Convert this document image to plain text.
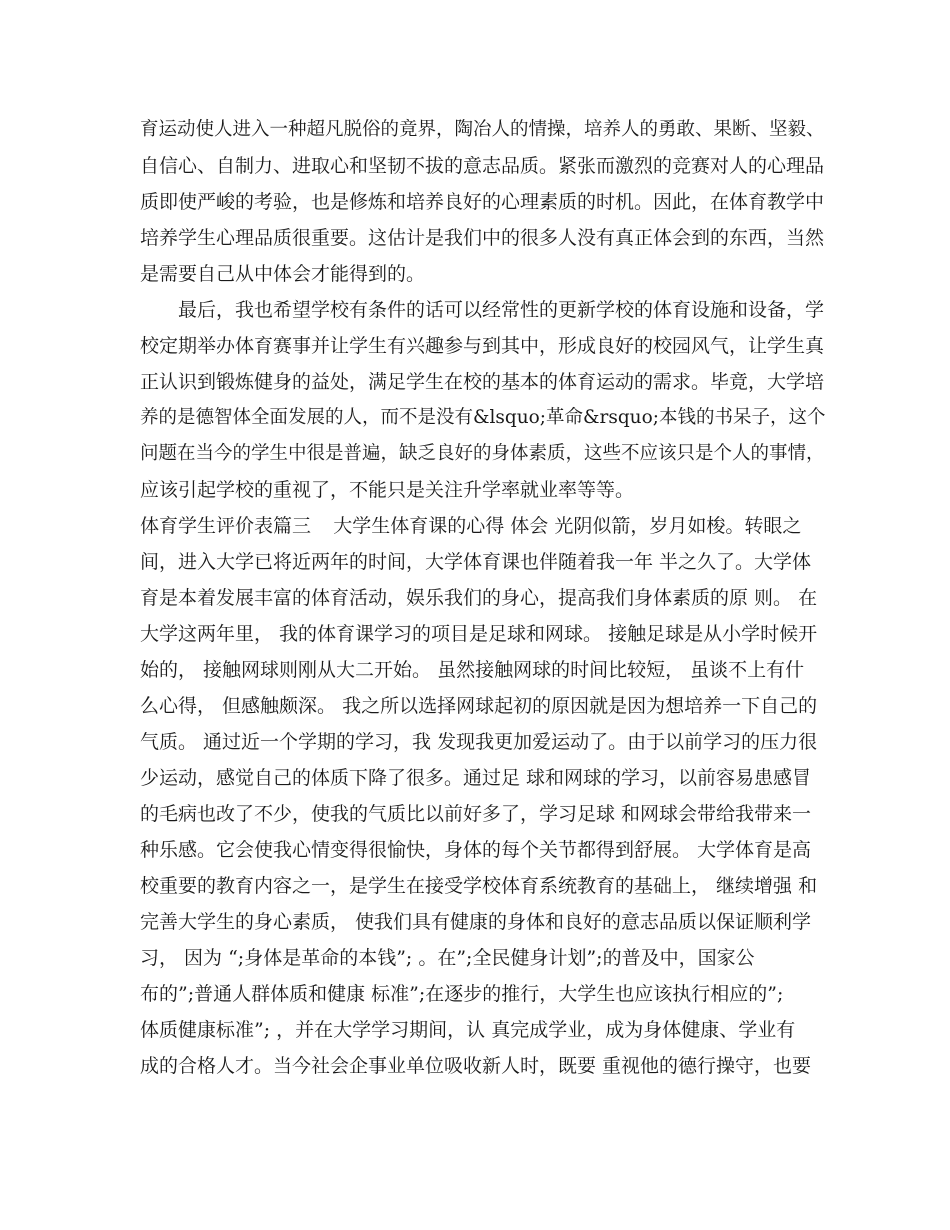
育运动使人进入一种超凡脱俗的竟界，陶冶人的情操，培养人的勇敢、果断、坚毅、
自信心、自制力、进取心和坚韧不拔的意志品质。紧张而激烈的竞赛对人的心理品
质即使严峻的考验，也是修炼和培养良好的心理素质的时机。因此，在体育教学中
培养学生心理品质很重要。这估计是我们中的很多人没有真正体会到的东西，当然
是需要自己从中体会才能得到的。
最后，我也希望学校有条件的话可以经常性的更新学校的体育设施和设备，学
校定期举办体育赛事并让学生有兴趣参与到其中，形成良好的校园风气，让学生真
正认识到锻炼健身的益处，满足学生在校的基本的体育运动的需求。毕竟，大学培
养的是德智体全面发展的人，而不是没有&lsquo;革命&rsquo;本钱的书呆子，这个
问题在当今的学生中很是普遍，缺乏良好的身体素质，这些不应该只是个人的事情，
应该引起学校的重视了，不能只是关注升学率就业率等等。
体育学生评价表篇三	大学生体育课的心得 体会 光阴似箭，岁月如梭。转眼之
间，进入大学已将近两年的时间，大学体育课也伴随着我一年 半之久了。大学体
育是本着发展丰富的体育活动，娱乐我们的身心，提高我们身体素质的原 则。 在
大学这两年里， 我的体育课学习的项目是足球和网球。 接触足球是从小学时候开
始的， 接触网球则刚从大二开始。 虽然接触网球的时间比较短， 虽谈不上有什
么心得， 但感触颇深。 我之所以选择网球起初的原因就是因为想培养一下自己的
气质。 通过近一个学期的学习，我 发现我更加爱运动了。由于以前学习的压力很
少运动，感觉自己的体质下降了很多。通过足 球和网球的学习，以前容易患感冒
的毛病也改了不少，使我的气质比以前好多了，学习足球 和网球会带给我带来一
种乐感。它会使我心情变得很愉快，身体的每个关节都得到舒展。 大学体育是高
校重要的教育内容之一，是学生在接受学校体育系统教育的基础上， 继续增强 和
完善大学生的身心素质， 使我们具有健康的身体和良好的意志品质以保证顺利学
习， 因为 “;身体是革命的本钱”; 。在”;全民健身计划”;的普及中，国家公
布的”;普通人群体质和健康 标准”;在逐步的推行，大学生也应该执行相应的”;
体质健康标准”; ，并在大学学习期间，认 真完成学业，成为身体健康、学业有
成的合格人才。当今社会企事业单位吸收新人时，既要 重视他的德行操守，也要
